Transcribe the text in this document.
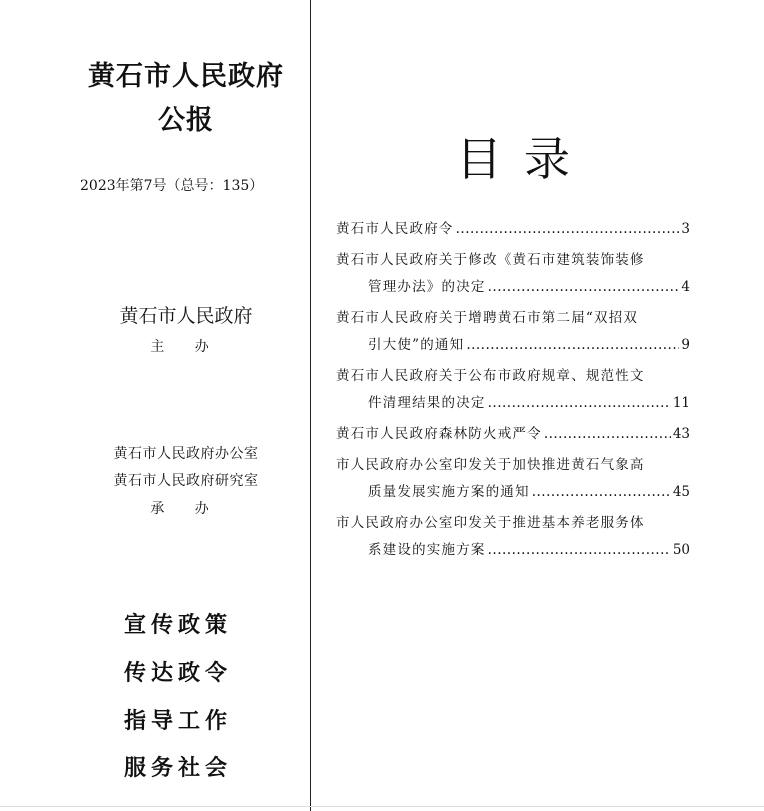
黄石市人民政府
公报
2023年第7号（总号：135）
黄石市人民政府
主 办
黄石市人民政府办公室
黄石市人民政府研究室
承 办
宣传政策
传达政令
指导工作
服务社会
目录
黄石市人民政府令 .....	3
黄石市人民政府关于修改《黄石市建筑装饰装修
管理办法》的决定 .....	4
黄石市人民政府关于增聘黄石市第二届“双招双
引大使”的通知 .....	9
黄石市人民政府关于公布市政府规章、规范性文
件清理结果的决定 .....	11
黄石市人民政府森林防火戒严令 .....	43
市人民政府办公室印发关于加快推进黄石气象高
质量发展实施方案的通知 .....	45
市人民政府办公室印发关于推进基本养老服务体
系建设的实施方案 .....	50
